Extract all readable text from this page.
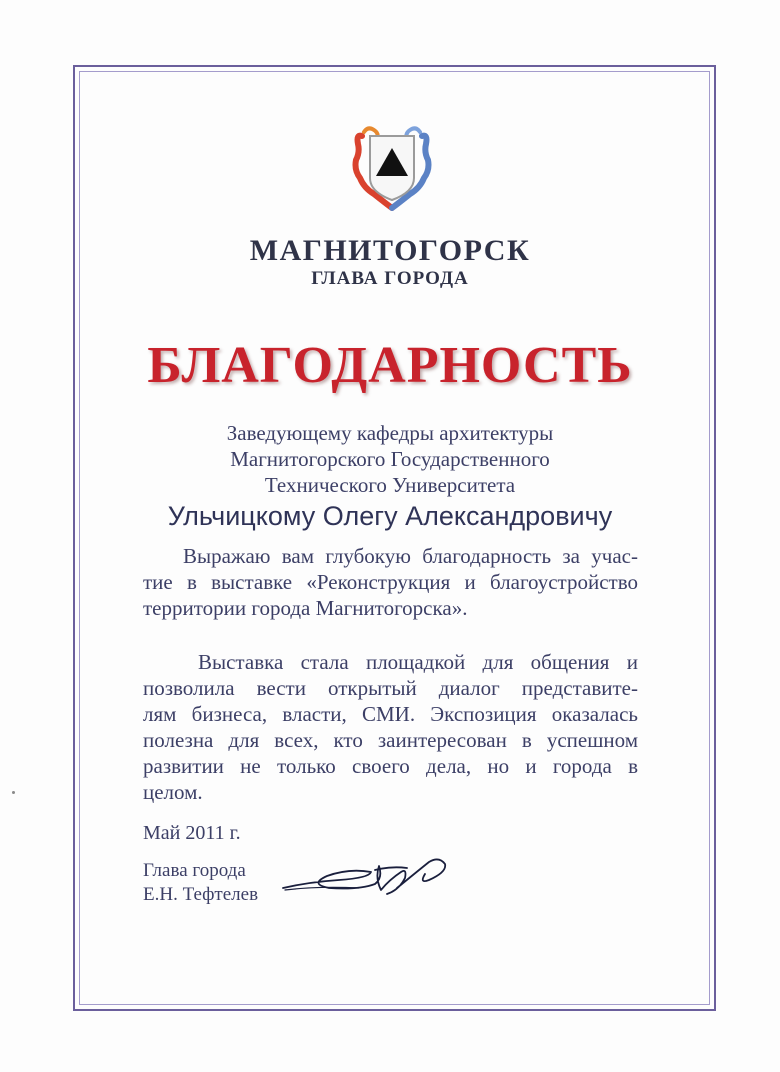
МАГНИТОГОРСК
ГЛАВА ГОРОДА
БЛАГОДАРНОСТЬ
Заведующему кафедры архитектуры
Магнитогорского Государственного
Технического Университета
Ульчицкому Олегу Александровичу
Выражаю вам глубокую благодарность за учас-
тие в выставке «Реконструкция и благоустройство
территории города Магнитогорска».
Выставка стала площадкой для общения и
позволила вести открытый диалог представите-
лям бизнеса, власти, СМИ. Экспозиция оказалась
полезна для всех, кто заинтересован в успешном
развитии не только своего дела, но и города в
целом.
Май 2011 г.
Глава города
Е.Н. Тефтелев
